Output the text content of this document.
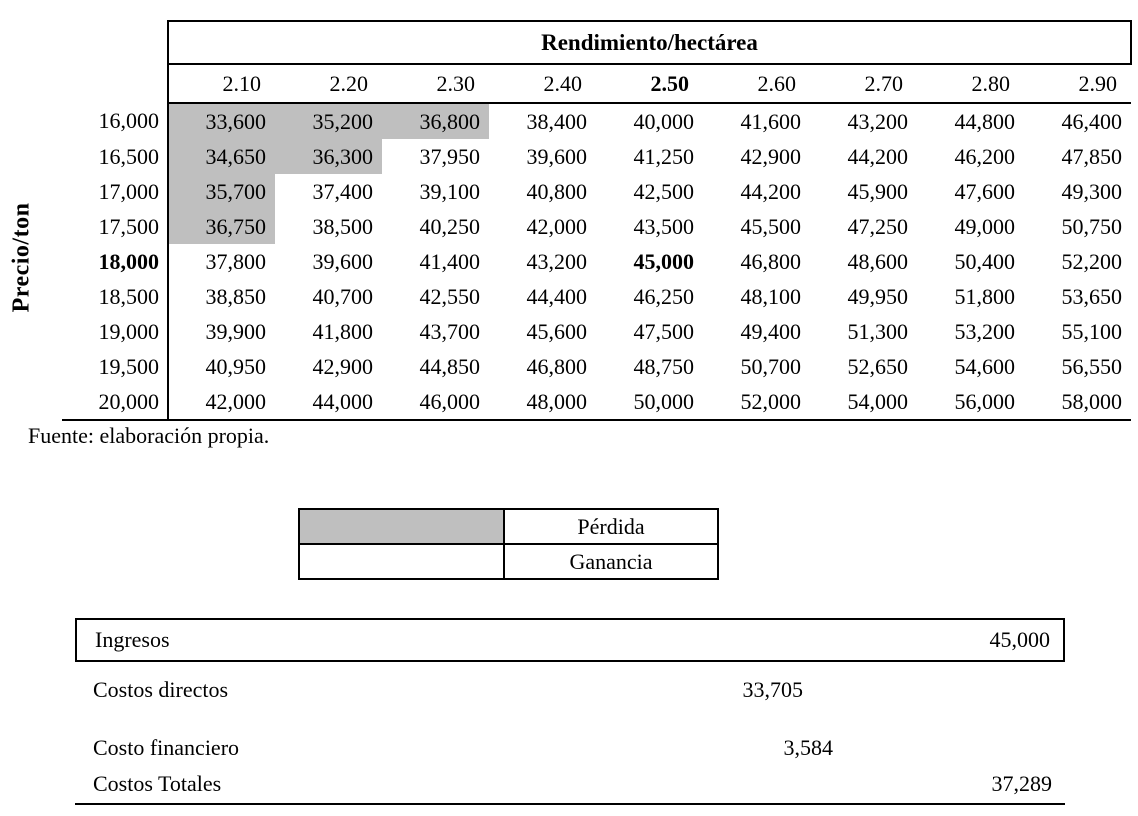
Precio/ton
	Rendimiento/hectárea								
	2.10	2.20	2.30	2.40	2.50	2.60	2.70	2.80	2.90
16,000	33,600	35,200	36,800	38,400	40,000	41,600	43,200	44,800	46,400
16,500	34,650	36,300	37,950	39,600	41,250	42,900	44,200	46,200	47,850
17,000	35,700	37,400	39,100	40,800	42,500	44,200	45,900	47,600	49,300
17,500	36,750	38,500	40,250	42,000	43,500	45,500	47,250	49,000	50,750
18,000	37,800	39,600	41,400	43,200	45,000	46,800	48,600	50,400	52,200
18,500	38,850	40,700	42,550	44,400	46,250	48,100	49,950	51,800	53,650
19,000	39,900	41,800	43,700	45,600	47,500	49,400	51,300	53,200	55,100
19,500	40,950	42,900	44,850	46,800	48,750	50,700	52,650	54,600	56,550
20,000	42,000	44,000	46,000	48,000	50,000	52,000	54,000	56,000	58,000
Fuente: elaboración propia.
	Pérdida
	Ganancia
Ingresos	45,000
Costos directos	33,705
Costo financiero	3,584
Costos Totales	37,289
